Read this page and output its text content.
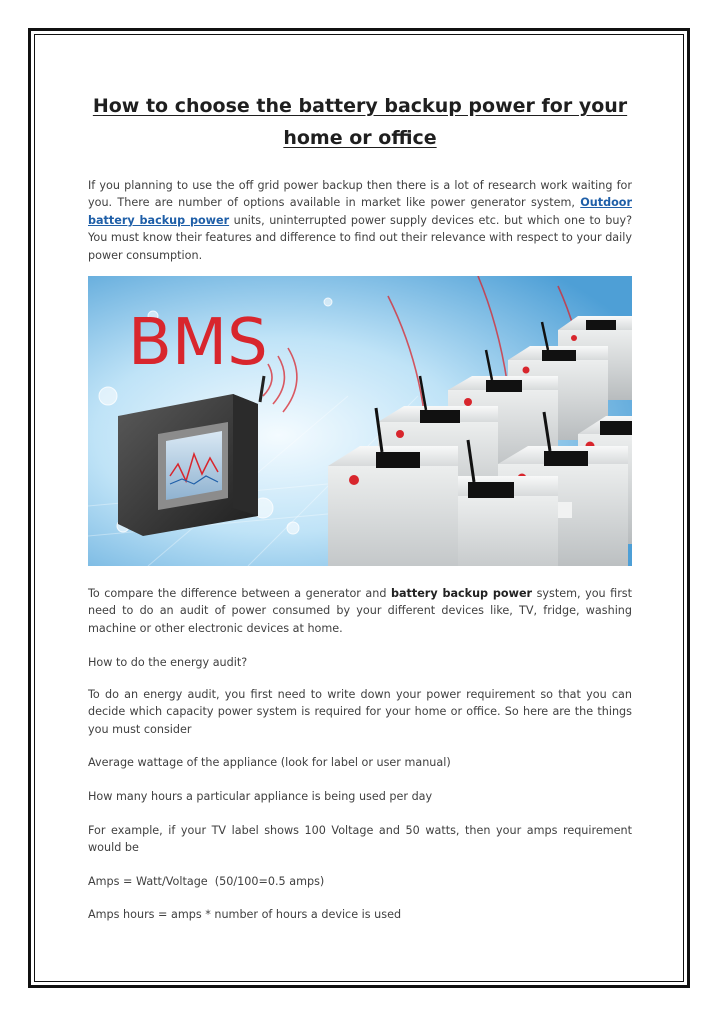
How to choose the battery backup power for your home or office

If you planning to use the off grid power backup then there is a lot of research work waiting for you. There are number of options available in market like power generator system, Outdoor battery backup power units, uninterrupted power supply devices etc. but which one to buy? You must know their features and difference to find out their relevance with respect to your daily power consumption.

BMS

To compare the difference between a generator and battery backup power system, you first need to do an audit of power consumed by your different devices like, TV, fridge, washing machine or other electronic devices at home.

How to do the energy audit?

To do an energy audit, you first need to write down your power requirement so that you can decide which capacity power system is required for your home or office. So here are the things you must consider

Average wattage of the appliance (look for label or user manual)

How many hours a particular appliance is being used per day

For example, if your TV label shows 100 Voltage and 50 watts, then your amps requirement would be

Amps = Watt/Voltage  (50/100=0.5 amps)

Amps hours = amps * number of hours a device is used
